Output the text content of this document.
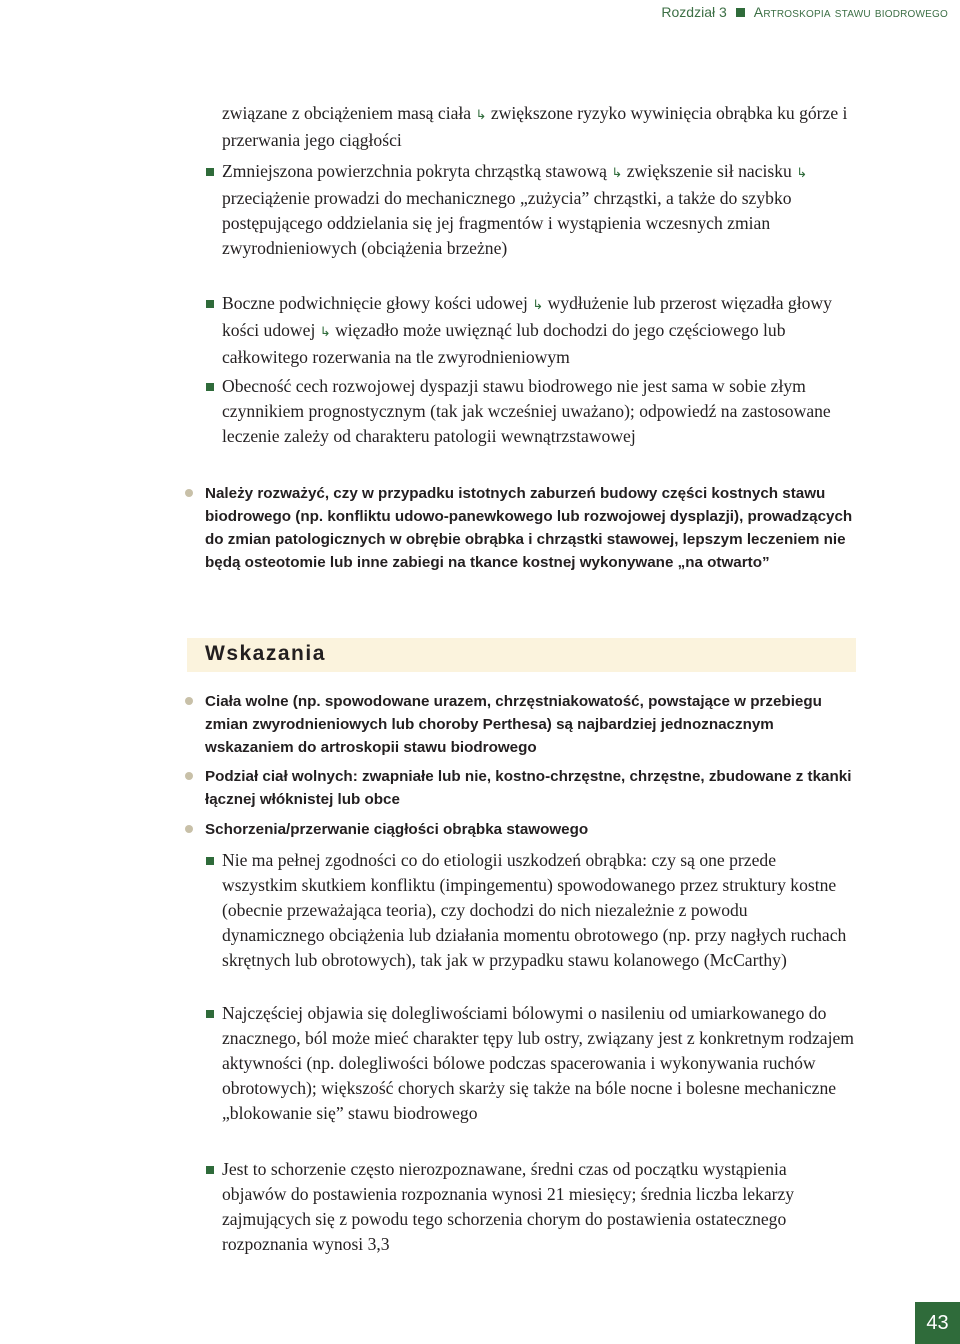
Rozdział 3 Artroskopia stawu biodrowego
związane z obciążeniem masą ciała ↳ zwiększone ryzyko wywinięcia obrąbka ku górze i przerwania jego ciągłości
Zmniejszona powierzchnia pokryta chrząstką stawową ↳ zwiększenie sił nacisku ↳ przeciążenie prowadzi do mechanicznego „zużycia” chrząstki, a także do szybko postępującego oddzielania się jej fragmentów i wystąpienia wczesnych zmian zwyrodnieniowych (obciążenia brzeżne)
Boczne podwichnięcie głowy kości udowej ↳ wydłużenie lub przerost więzadła głowy kości udowej ↳ więzadło może uwięznąć lub dochodzi do jego częściowego lub całkowitego rozerwania na tle zwyrodnieniowym
Obecność cech rozwojowej dyspazji stawu biodrowego nie jest sama w sobie złym czynnikiem prognostycznym (tak jak wcześniej uważano); odpowiedź na zastosowane leczenie zależy od charakteru patologii wewnątrzstawowej
Należy rozważyć, czy w przypadku istotnych zaburzeń budowy części kostnych stawu biodrowego (np. konfliktu udowo-panewkowego lub rozwojowej dysplazji), prowadzących do zmian patologicznych w obrębie obrąbka i chrząstki stawowej, lepszym leczeniem nie będą osteotomie lub inne zabiegi na tkance kostnej wykonywane „na otwarto”
Wskazania
Ciała wolne (np. spowodowane urazem, chrzęstniakowatość, powstające w przebiegu zmian zwyrodnieniowych lub choroby Perthesa) są najbardziej jednoznacznym wskazaniem do artroskopii stawu biodrowego
Podział ciał wolnych: zwapniałe lub nie, kostno-chrzęstne, chrzęstne, zbudowane z tkanki łącznej włóknistej lub obce
Schorzenia/przerwanie ciągłości obrąbka stawowego
Nie ma pełnej zgodności co do etiologii uszkodzeń obrąbka: czy są one przede wszystkim skutkiem konfliktu (impingementu) spowodowanego przez struktury kostne (obecnie przeważająca teoria), czy dochodzi do nich niezależnie z powodu dynamicznego obciążenia lub działania momentu obrotowego (np. przy nagłych ruchach skrętnych lub obrotowych), tak jak w przypadku stawu kolanowego (McCarthy)
Najczęściej objawia się dolegliwościami bólowymi o nasileniu od umiarkowanego do znacznego, ból może mieć charakter tępy lub ostry, związany jest z konkretnym rodzajem aktywności (np. dolegliwości bólowe podczas spacerowania i wykonywania ruchów obrotowych); większość chorych skarży się także na bóle nocne i bolesne mechaniczne „blokowanie się” stawu biodrowego
Jest to schorzenie często nierozpoznawane, średni czas od początku wystąpienia objawów do postawienia rozpoznania wynosi 21 miesięcy; średnia liczba lekarzy zajmujących się z powodu tego schorzenia chorym do postawienia ostatecznego rozpoznania wynosi 3,3
43
